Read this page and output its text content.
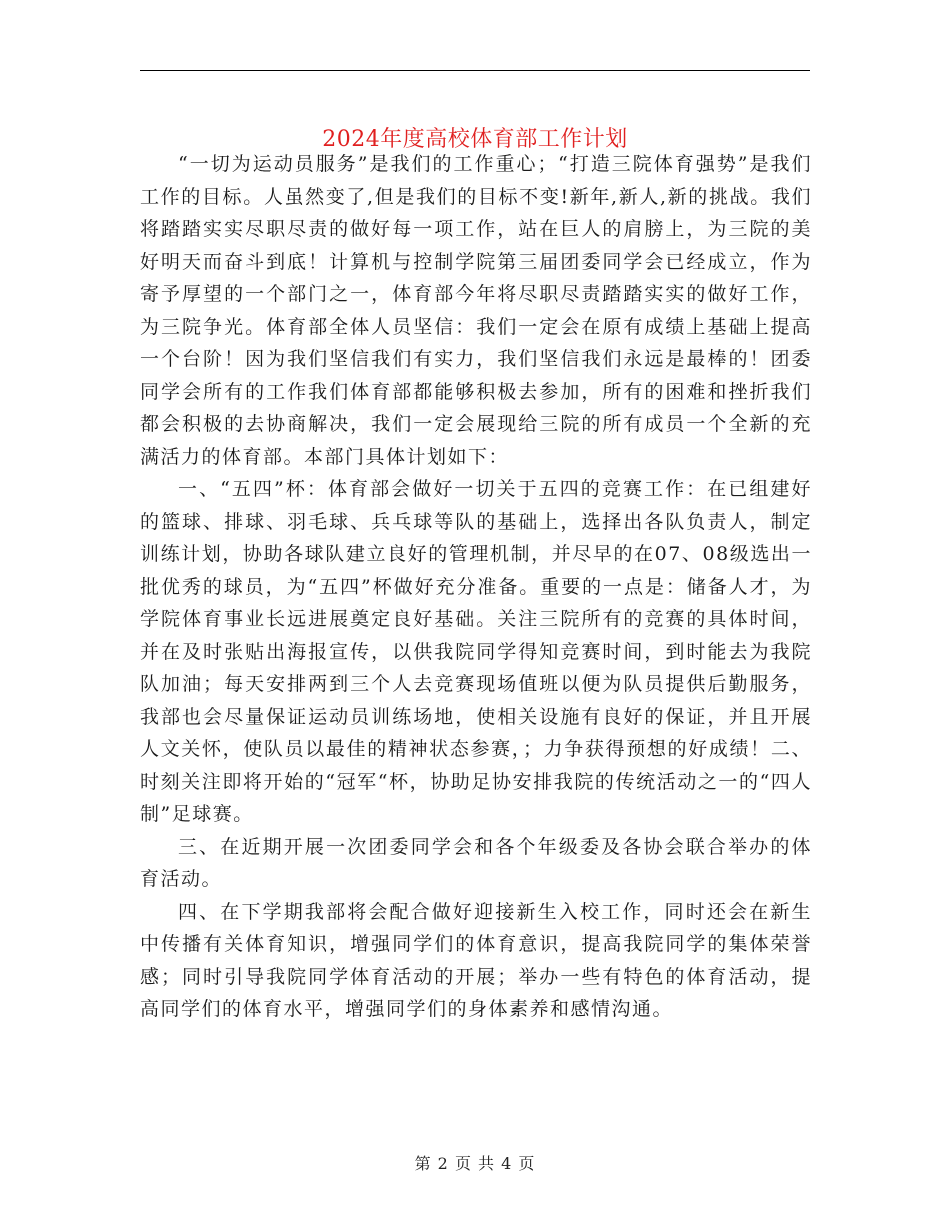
2024年度高校体育部工作计划

“一切为运动员服务”是我们的工作重心；“打造三院体育强势”是我们工作的目标。人虽然变了,但是我们的目标不变!新年,新人,新的挑战。我们将踏踏实实尽职尽责的做好每一项工作，站在巨人的肩膀上，为三院的美好明天而奋斗到底！计算机与控制学院第三届团委同学会已经成立，作为寄予厚望的一个部门之一，体育部今年将尽职尽责踏踏实实的做好工作，为三院争光。体育部全体人员坚信：我们一定会在原有成绩上基础上提高一个台阶！因为我们坚信我们有实力，我们坚信我们永远是最棒的！团委同学会所有的工作我们体育部都能够积极去参加，所有的困难和挫折我们都会积极的去协商解决，我们一定会展现给三院的所有成员一个全新的充满活力的体育部。本部门具体计划如下：

一、“五四”杯：体育部会做好一切关于五四的竞赛工作：在已组建好的篮球、排球、羽毛球、兵乓球等队的基础上，选择出各队负责人，制定训练计划，协助各球队建立良好的管理机制，并尽早的在07、08级选出一批优秀的球员，为“五四”杯做好充分准备。重要的一点是：储备人才，为学院体育事业长远进展奠定良好基础。关注三院所有的竞赛的具体时间，并在及时张贴出海报宣传，以供我院同学得知竞赛时间，到时能去为我院队加油；每天安排两到三个人去竞赛现场值班以便为队员提供后勤服务，我部也会尽量保证运动员训练场地，使相关设施有良好的保证，并且开展人文关怀，使队员以最佳的精神状态参赛，；力争获得预想的好成绩！二、时刻关注即将开始的“冠军“杯，协助足协安排我院的传统活动之一的“四人制”足球赛。

三、在近期开展一次团委同学会和各个年级委及各协会联合举办的体育活动。

四、在下学期我部将会配合做好迎接新生入校工作，同时还会在新生中传播有关体育知识，增强同学们的体育意识，提高我院同学的集体荣誉感；同时引导我院同学体育活动的开展；举办一些有特色的体育活动，提高同学们的体育水平，增强同学们的身体素养和感情沟通。

第 2 页 共 4 页
